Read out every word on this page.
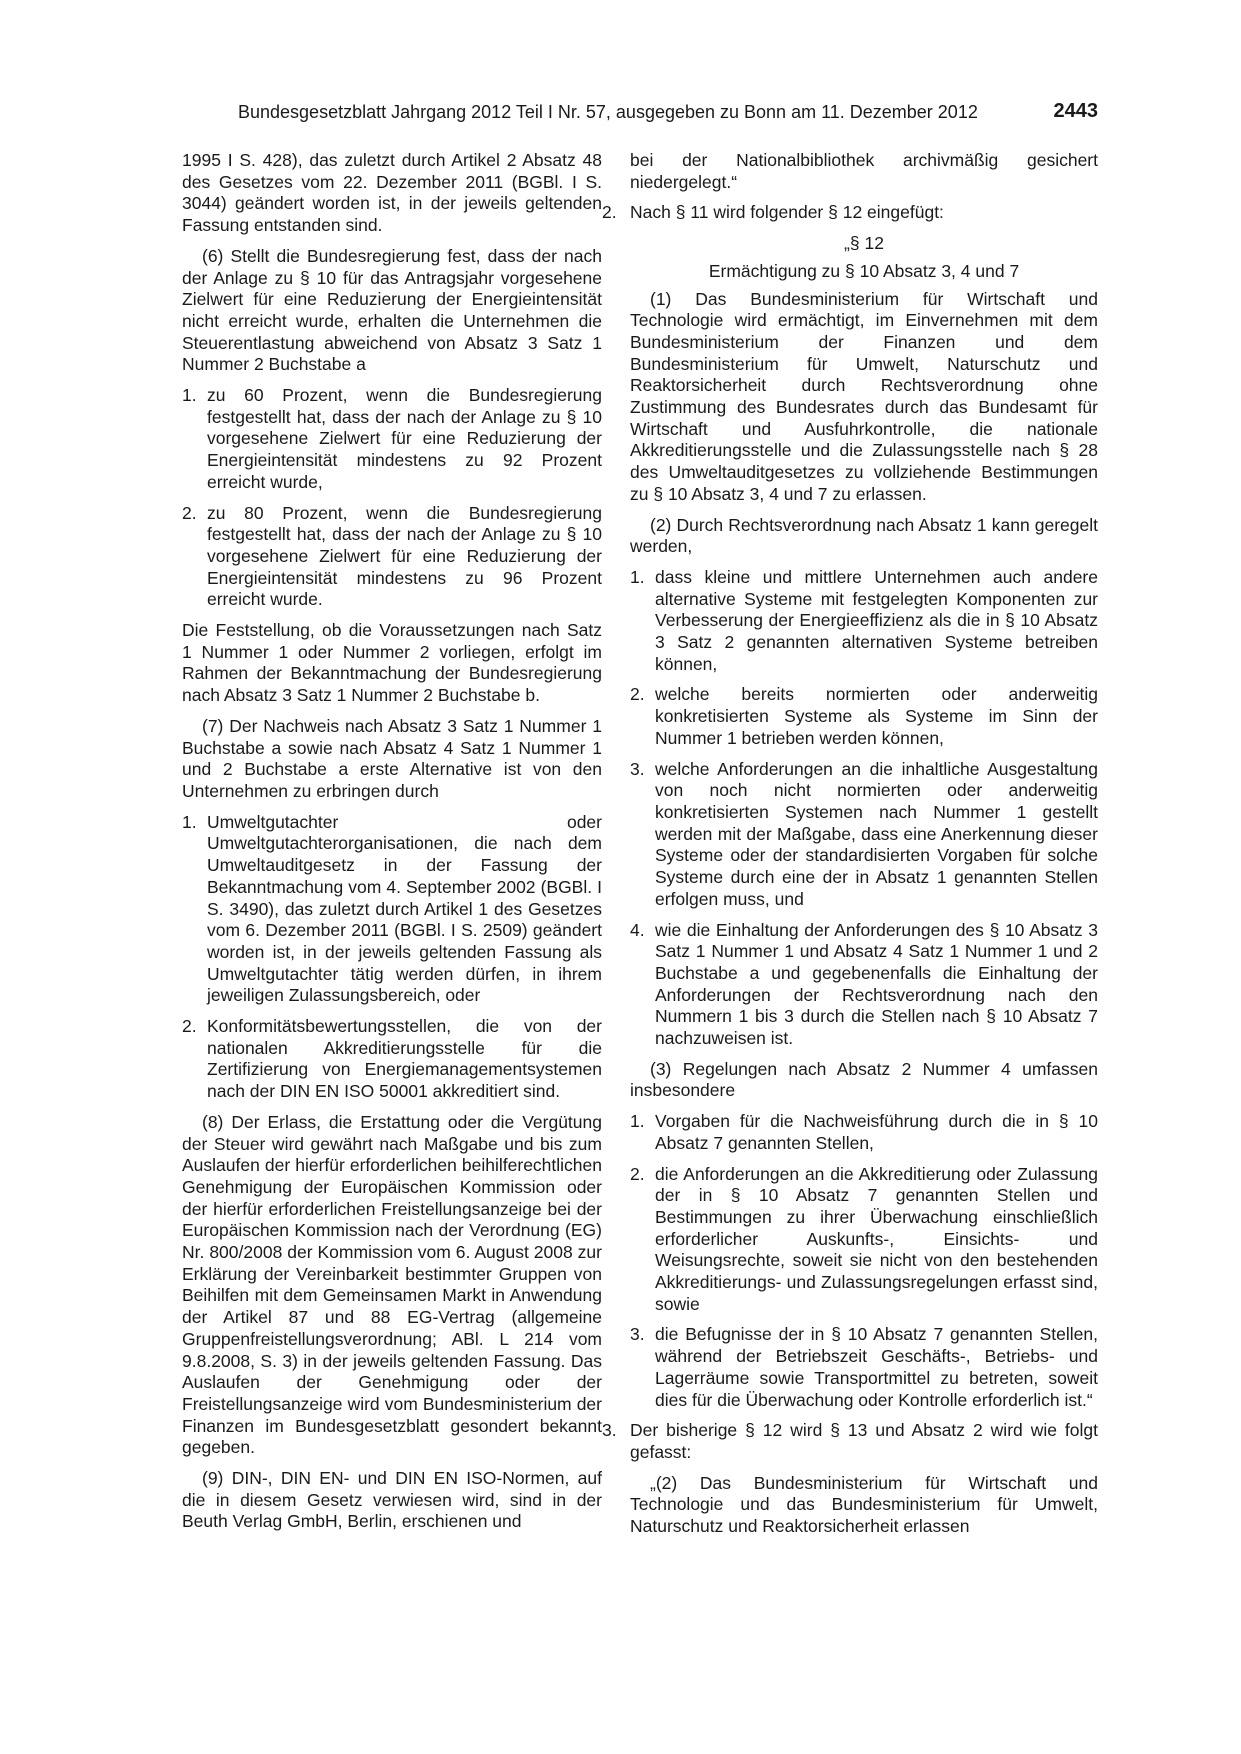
Bundesgesetzblatt Jahrgang 2012 Teil I Nr. 57, ausgegeben zu Bonn am 11. Dezember 2012	2443

1995 I S. 428), das zuletzt durch Artikel 2 Absatz 48 des Gesetzes vom 22. Dezember 2011 (BGBl. I S. 3044) geändert worden ist, in der jeweils geltenden Fassung entstanden sind.

(6) Stellt die Bundesregierung fest, dass der nach der Anlage zu § 10 für das Antragsjahr vorgesehene Zielwert für eine Reduzierung der Energieintensität nicht erreicht wurde, erhalten die Unternehmen die Steuerentlastung abweichend von Absatz 3 Satz 1 Nummer 2 Buchstabe a

1. zu 60 Prozent, wenn die Bundesregierung festgestellt hat, dass der nach der Anlage zu § 10 vorgesehene Zielwert für eine Reduzierung der Energieintensität mindestens zu 92 Prozent erreicht wurde,
2. zu 80 Prozent, wenn die Bundesregierung festgestellt hat, dass der nach der Anlage zu § 10 vorgesehene Zielwert für eine Reduzierung der Energieintensität mindestens zu 96 Prozent erreicht wurde.

Die Feststellung, ob die Voraussetzungen nach Satz 1 Nummer 1 oder Nummer 2 vorliegen, erfolgt im Rahmen der Bekanntmachung der Bundesregierung nach Absatz 3 Satz 1 Nummer 2 Buchstabe b.

(7) Der Nachweis nach Absatz 3 Satz 1 Nummer 1 Buchstabe a sowie nach Absatz 4 Satz 1 Nummer 1 und 2 Buchstabe a erste Alternative ist von den Unternehmen zu erbringen durch

1. Umweltgutachter oder Umweltgutachterorganisationen, die nach dem Umweltauditgesetz in der Fassung der Bekanntmachung vom 4. September 2002 (BGBl. I S. 3490), das zuletzt durch Artikel 1 des Gesetzes vom 6. Dezember 2011 (BGBl. I S. 2509) geändert worden ist, in der jeweils geltenden Fassung als Umweltgutachter tätig werden dürfen, in ihrem jeweiligen Zulassungsbereich, oder
2. Konformitätsbewertungsstellen, die von der nationalen Akkreditierungsstelle für die Zertifizierung von Energiemanagementsystemen nach der DIN EN ISO 50001 akkreditiert sind.

(8) Der Erlass, die Erstattung oder die Vergütung der Steuer wird gewährt nach Maßgabe und bis zum Auslaufen der hierfür erforderlichen beihilferechtlichen Genehmigung der Europäischen Kommission oder der hierfür erforderlichen Freistellungsanzeige bei der Europäischen Kommission nach der Verordnung (EG) Nr. 800/2008 der Kommission vom 6. August 2008 zur Erklärung der Vereinbarkeit bestimmter Gruppen von Beihilfen mit dem Gemeinsamen Markt in Anwendung der Artikel 87 und 88 EG-Vertrag (allgemeine Gruppenfreistellungsverordnung; ABl. L 214 vom 9.8.2008, S. 3) in der jeweils geltenden Fassung. Das Auslaufen der Genehmigung oder der Freistellungsanzeige wird vom Bundesministerium der Finanzen im Bundesgesetzblatt gesondert bekannt gegeben.

(9) DIN-, DIN EN- und DIN EN ISO-Normen, auf die in diesem Gesetz verwiesen wird, sind in der Beuth Verlag GmbH, Berlin, erschienen und

bei der Nationalbibliothek archivmäßig gesichert niedergelegt.“

2. Nach § 11 wird folgender § 12 eingefügt:

„§ 12

Ermächtigung zu § 10 Absatz 3, 4 und 7

(1) Das Bundesministerium für Wirtschaft und Technologie wird ermächtigt, im Einvernehmen mit dem Bundesministerium der Finanzen und dem Bundesministerium für Umwelt, Naturschutz und Reaktorsicherheit durch Rechtsverordnung ohne Zustimmung des Bundesrates durch das Bundesamt für Wirtschaft und Ausfuhrkontrolle, die nationale Akkreditierungsstelle und die Zulassungsstelle nach § 28 des Umweltauditgesetzes zu vollziehende Bestimmungen zu § 10 Absatz 3, 4 und 7 zu erlassen.

(2) Durch Rechtsverordnung nach Absatz 1 kann geregelt werden,

1. dass kleine und mittlere Unternehmen auch andere alternative Systeme mit festgelegten Komponenten zur Verbesserung der Energieeffizienz als die in § 10 Absatz 3 Satz 2 genannten alternativen Systeme betreiben können,
2. welche bereits normierten oder anderweitig konkretisierten Systeme als Systeme im Sinn der Nummer 1 betrieben werden können,
3. welche Anforderungen an die inhaltliche Ausgestaltung von noch nicht normierten oder anderweitig konkretisierten Systemen nach Nummer 1 gestellt werden mit der Maßgabe, dass eine Anerkennung dieser Systeme oder der standardisierten Vorgaben für solche Systeme durch eine der in Absatz 1 genannten Stellen erfolgen muss, und
4. wie die Einhaltung der Anforderungen des § 10 Absatz 3 Satz 1 Nummer 1 und Absatz 4 Satz 1 Nummer 1 und 2 Buchstabe a und gegebenenfalls die Einhaltung der Anforderungen der Rechtsverordnung nach den Nummern 1 bis 3 durch die Stellen nach § 10 Absatz 7 nachzuweisen ist.

(3) Regelungen nach Absatz 2 Nummer 4 umfassen insbesondere

1. Vorgaben für die Nachweisführung durch die in § 10 Absatz 7 genannten Stellen,
2. die Anforderungen an die Akkreditierung oder Zulassung der in § 10 Absatz 7 genannten Stellen und Bestimmungen zu ihrer Überwachung einschließlich erforderlicher Auskunfts-, Einsichts- und Weisungsrechte, soweit sie nicht von den bestehenden Akkreditierungs- und Zulassungsregelungen erfasst sind, sowie
3. die Befugnisse der in § 10 Absatz 7 genannten Stellen, während der Betriebszeit Geschäfts-, Betriebs- und Lagerräume sowie Transportmittel zu betreten, soweit dies für die Überwachung oder Kontrolle erforderlich ist.“
3. Der bisherige § 12 wird § 13 und Absatz 2 wird wie folgt gefasst:

„(2) Das Bundesministerium für Wirtschaft und Technologie und das Bundesministerium für Umwelt, Naturschutz und Reaktorsicherheit erlassen
